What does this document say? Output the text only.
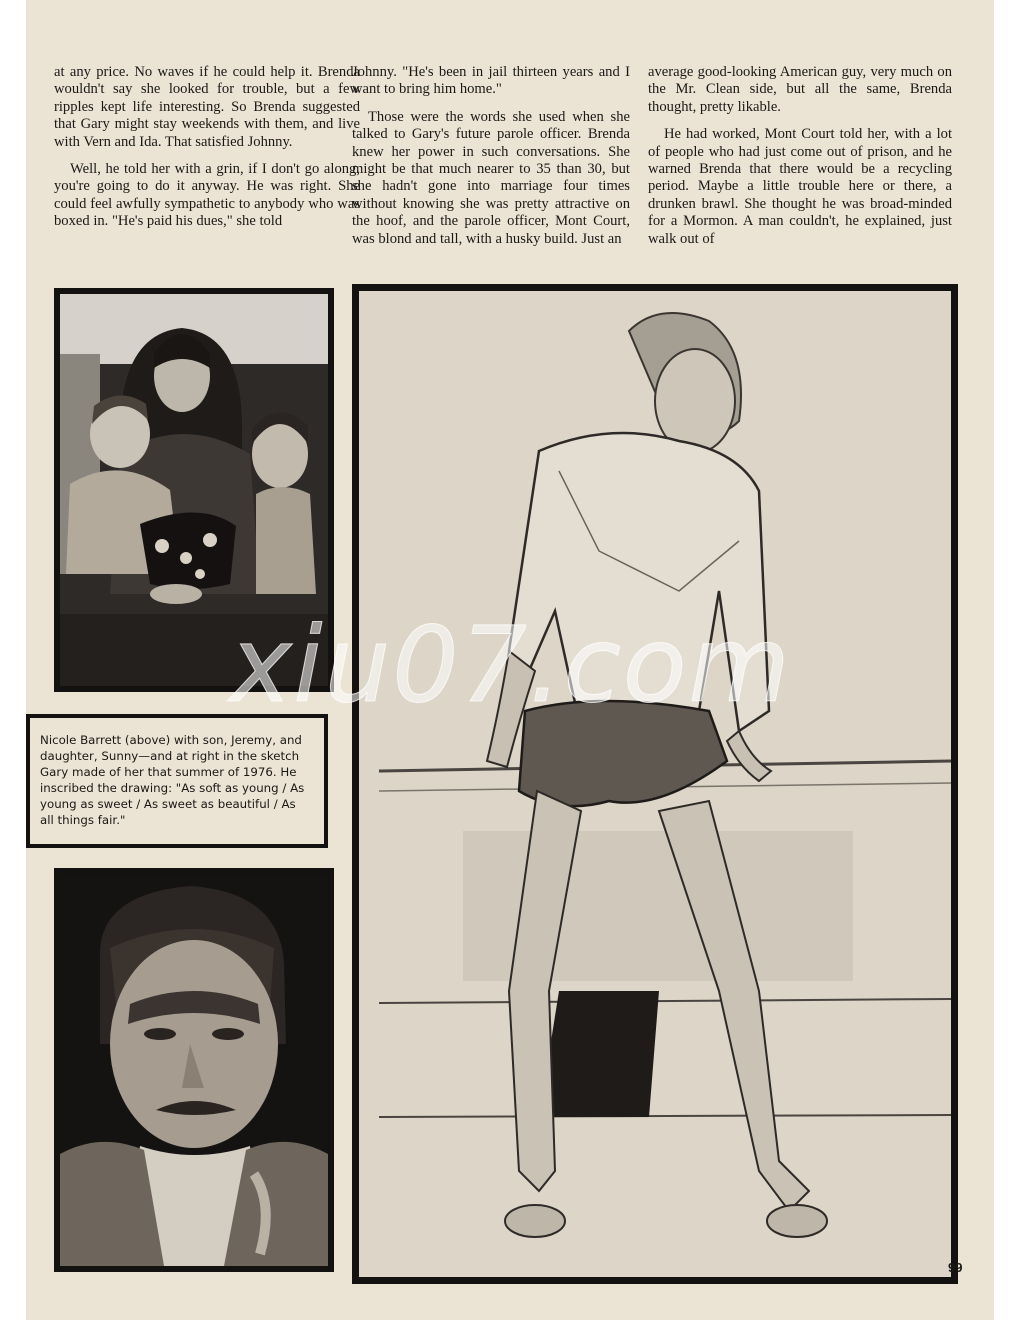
at any price. No waves if he could help it. Brenda wouldn't say she looked for trouble, but a few ripples kept life interesting. So Brenda suggested that Gary might stay weekends with them, and live with Vern and Ida. That satisfied Johnny.

Well, he told her with a grin, if I don't go along, you're going to do it anyway. He was right. She could feel awfully sympathetic to anybody who was boxed in. "He's paid his dues," she told

Johnny. "He's been in jail thirteen years and I want to bring him home."

Those were the words she used when she talked to Gary's future parole officer. Brenda knew her power in such conversations. She might be that much nearer to 35 than 30, but she hadn't gone into marriage four times without knowing she was pretty attractive on the hoof, and the parole officer, Mont Court, was blond and tall, with a husky build. Just an

average good-looking American guy, very much on the Mr. Clean side, but all the same, Brenda thought, pretty likable.

He had worked, Mont Court told her, with a lot of people who had just come out of prison, and he warned Brenda that there would be a recycling period. Maybe a little trouble here or there, a drunken brawl. She thought he was broad-minded for a Mormon. A man couldn't, he explained, just walk out of

Nicole Barrett (above) with son, Jeremy, and daughter, Sunny—and at right in the sketch Gary made of her that summer of 1976. He inscribed the drawing: "As soft as young / As young as sweet / As sweet as beautiful / As all things fair."

99
xiu07.com
